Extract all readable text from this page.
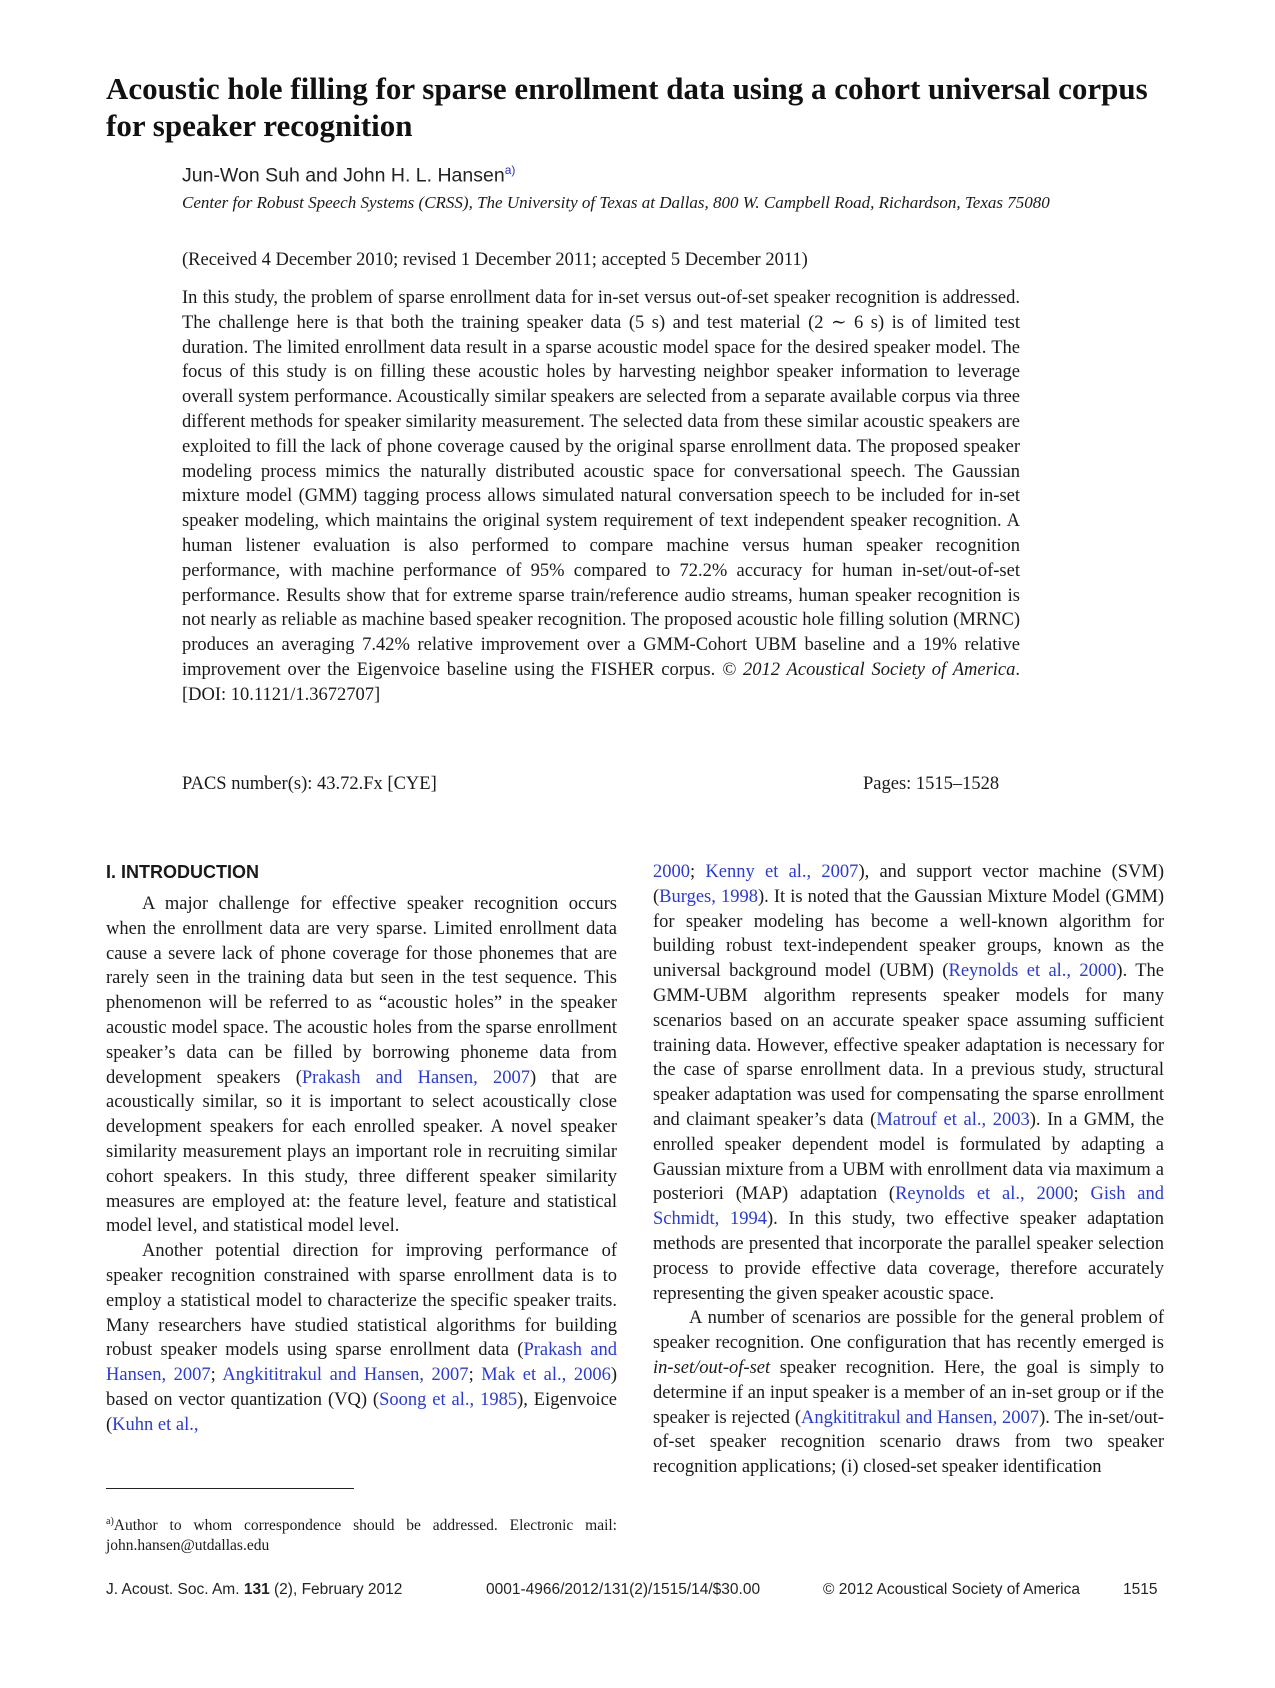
Acoustic hole filling for sparse enrollment data using a cohort universal corpus for speaker recognition
Jun-Won Suh and John H. L. Hansen$^{a)}$
Center for Robust Speech Systems (CRSS), The University of Texas at Dallas, 800 W. Campbell Road, Richardson, Texas 75080
(Received 4 December 2010; revised 1 December 2011; accepted 5 December 2011)

In this study, the problem of sparse enrollment data for in-set versus out-of-set speaker recognition is addressed. The challenge here is that both the training speaker data (5 s) and test material (2 ∼ 6 s) is of limited test duration. The limited enrollment data result in a sparse acoustic model space for the desired speaker model. The focus of this study is on filling these acoustic holes by harvesting neighbor speaker information to leverage overall system performance. Acoustically similar speakers are selected from a separate available corpus via three different methods for speaker similarity measurement. The selected data from these similar acoustic speakers are exploited to fill the lack of phone coverage caused by the original sparse enrollment data. The proposed speaker modeling process mimics the naturally distributed acoustic space for conversational speech. The Gaussian mixture model (GMM) tagging process allows simulated natural conversation speech to be included for in-set speaker modeling, which maintains the original system requirement of text independent speaker recognition. A human listener evaluation is also performed to compare machine versus human speaker recognition performance, with machine performance of 95% compared to 72.2% accuracy for human in-set/out-of-set performance. Results show that for extreme sparse train/reference audio streams, human speaker recognition is not nearly as reliable as machine based speaker recognition. The proposed acoustic hole filling solution (MRNC) produces an averaging 7.42% relative improvement over a GMM-Cohort UBM baseline and a 19% relative improvement over the Eigenvoice baseline using the FISHER corpus. © 2012 Acoustical Society of America. [DOI: 10.1121/1.3672707]

PACS number(s): 43.72.Fx [CYE]	Pages: 1515–1528
I. INTRODUCTION

A major challenge for effective speaker recognition occurs when the enrollment data are very sparse. Limited enrollment data cause a severe lack of phone coverage for those phonemes that are rarely seen in the training data but seen in the test sequence. This phenomenon will be referred to as “acoustic holes” in the speaker acoustic model space. The acoustic holes from the sparse enrollment speaker’s data can be filled by borrowing phoneme data from development speakers (Prakash and Hansen, 2007) that are acoustically similar, so it is important to select acoustically close development speakers for each enrolled speaker. A novel speaker similarity measurement plays an important role in recruiting similar cohort speakers. In this study, three different speaker similarity measures are employed at: the feature level, feature and statistical model level, and statistical model level.

Another potential direction for improving performance of speaker recognition constrained with sparse enrollment data is to employ a statistical model to characterize the specific speaker traits. Many researchers have studied statistical algorithms for building robust speaker models using sparse enrollment data (Prakash and Hansen, 2007; Angkititrakul and Hansen, 2007; Mak et al., 2006) based on vector quantization (VQ) (Soong et al., 1985), Eigenvoice (Kuhn et al.,

2000; Kenny et al., 2007), and support vector machine (SVM) (Burges, 1998). It is noted that the Gaussian Mixture Model (GMM) for speaker modeling has become a well-known algorithm for building robust text-independent speaker groups, known as the universal background model (UBM) (Reynolds et al., 2000). The GMM-UBM algorithm represents speaker models for many scenarios based on an accurate speaker space assuming sufficient training data. However, effective speaker adaptation is necessary for the case of sparse enrollment data. In a previous study, structural speaker adaptation was used for compensating the sparse enrollment and claimant speaker’s data (Matrouf et al., 2003). In a GMM, the enrolled speaker dependent model is formulated by adapting a Gaussian mixture from a UBM with enrollment data via maximum a posteriori (MAP) adaptation (Reynolds et al., 2000; Gish and Schmidt, 1994). In this study, two effective speaker adaptation methods are presented that incorporate the parallel speaker selection process to provide effective data coverage, therefore accurately representing the given speaker acoustic space.

A number of scenarios are possible for the general problem of speaker recognition. One configuration that has recently emerged is in-set/out-of-set speaker recognition. Here, the goal is simply to determine if an input speaker is a member of an in-set group or if the speaker is rejected (Angkititrakul and Hansen, 2007). The in-set/out-of-set speaker recognition scenario draws from two speaker recognition applications; (i) closed-set speaker identification

$^{a)}$Author to whom correspondence should be addressed. Electronic mail: john.hansen@utdallas.edu
J. Acoust. Soc. Am. 131 (2), February 2012	0001-4966/2012/131(2)/1515/14/$30.00	© 2012 Acoustical Society of America	1515
